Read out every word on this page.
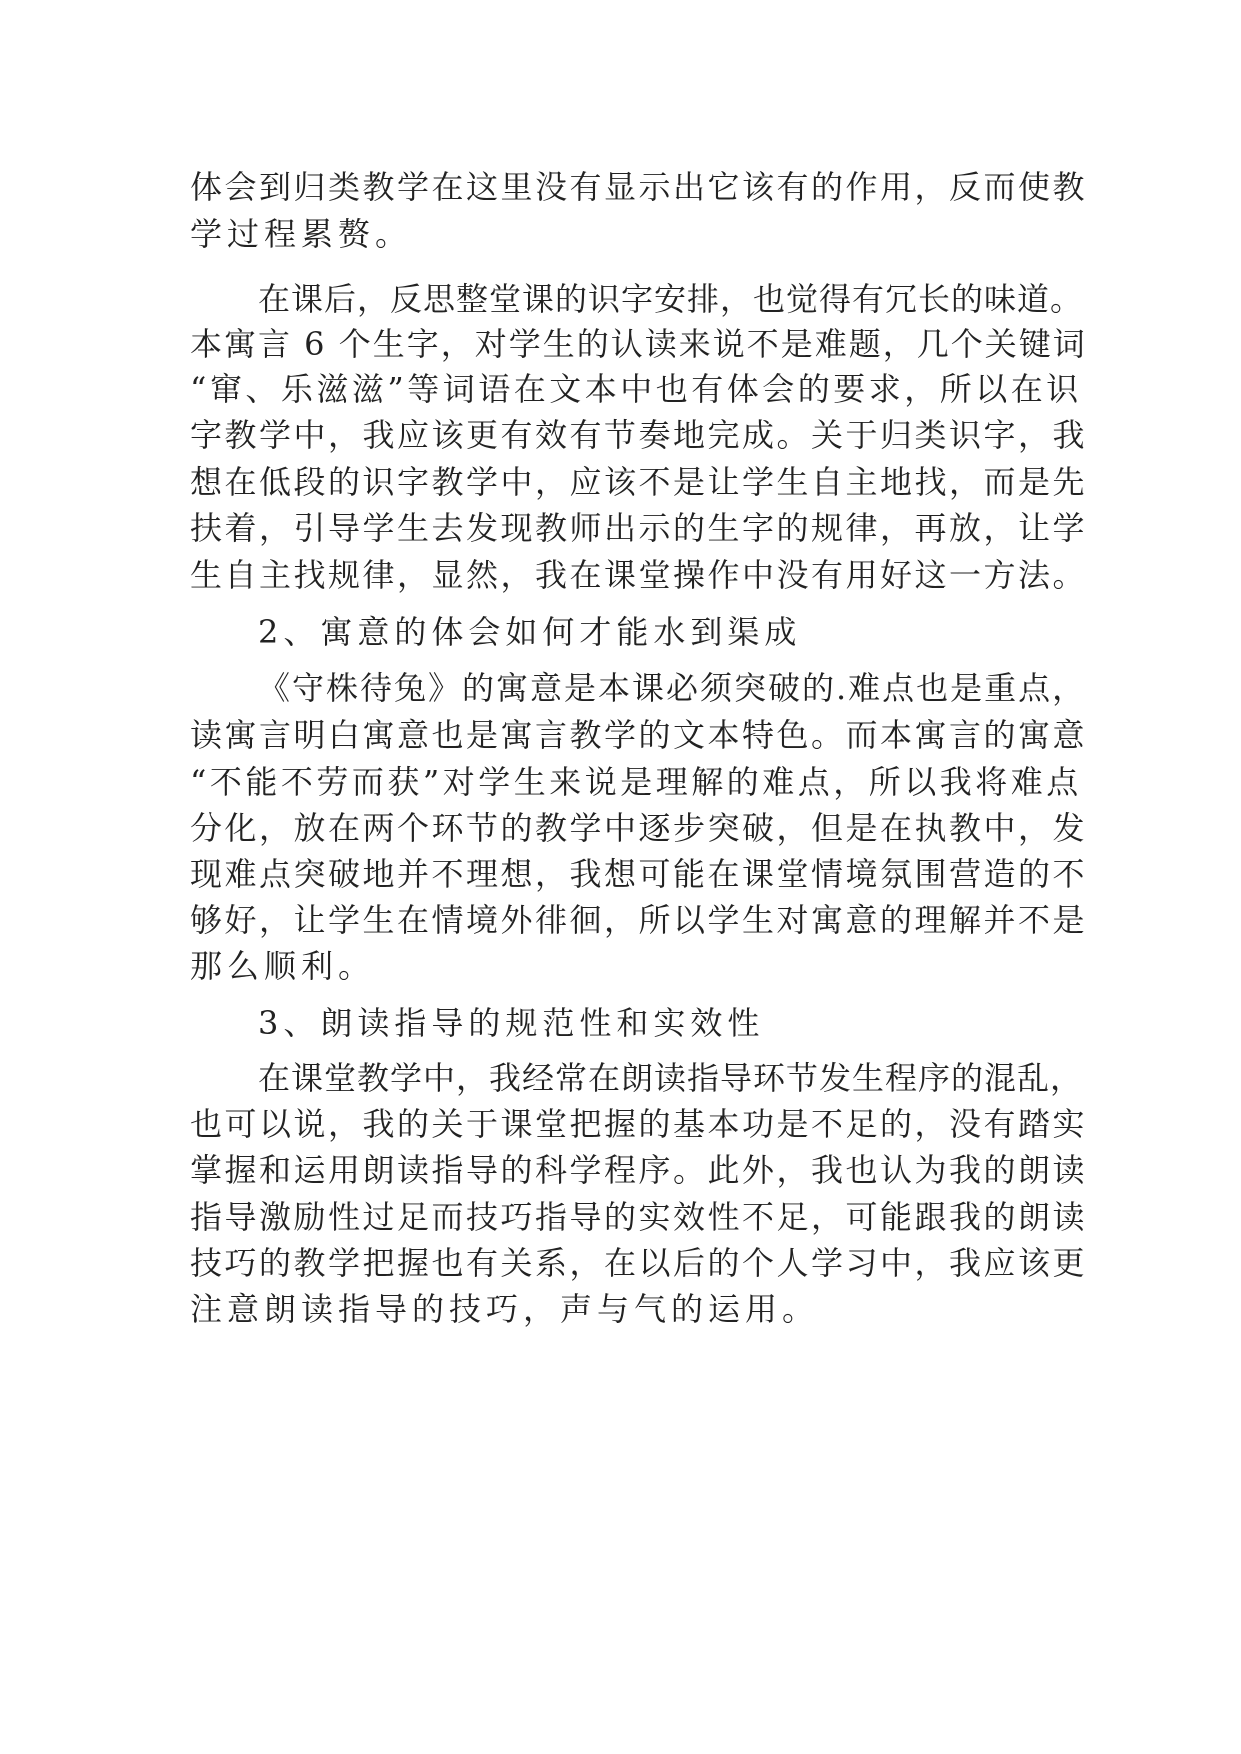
体会到归类教学在这里没有显示出它该有的作用，反而使教
学过程累赘。
在课后，反思整堂课的识字安排，也觉得有冗长的味道。
本寓言 6 个生字，对学生的认读来说不是难题，几个关键词
“窜、乐滋滋”等词语在文本中也有体会的要求，所以在识
字教学中，我应该更有效有节奏地完成。关于归类识字，我
想在低段的识字教学中，应该不是让学生自主地找，而是先
扶着，引导学生去发现教师出示的生字的规律，再放，让学
生自主找规律，显然，我在课堂操作中没有用好这一方法。
2、寓意的体会如何才能水到渠成
《守株待兔》的寓意是本课必须突破的.难点也是重点，
读寓言明白寓意也是寓言教学的文本特色。而本寓言的寓意
“不能不劳而获”对学生来说是理解的难点，所以我将难点
分化，放在两个环节的教学中逐步突破，但是在执教中，发
现难点突破地并不理想，我想可能在课堂情境氛围营造的不
够好，让学生在情境外徘徊，所以学生对寓意的理解并不是
那么顺利。
3、朗读指导的规范性和实效性
在课堂教学中，我经常在朗读指导环节发生程序的混乱，
也可以说，我的关于课堂把握的基本功是不足的，没有踏实
掌握和运用朗读指导的科学程序。此外，我也认为我的朗读
指导激励性过足而技巧指导的实效性不足，可能跟我的朗读
技巧的教学把握也有关系，在以后的个人学习中，我应该更
注意朗读指导的技巧，声与气的运用。
